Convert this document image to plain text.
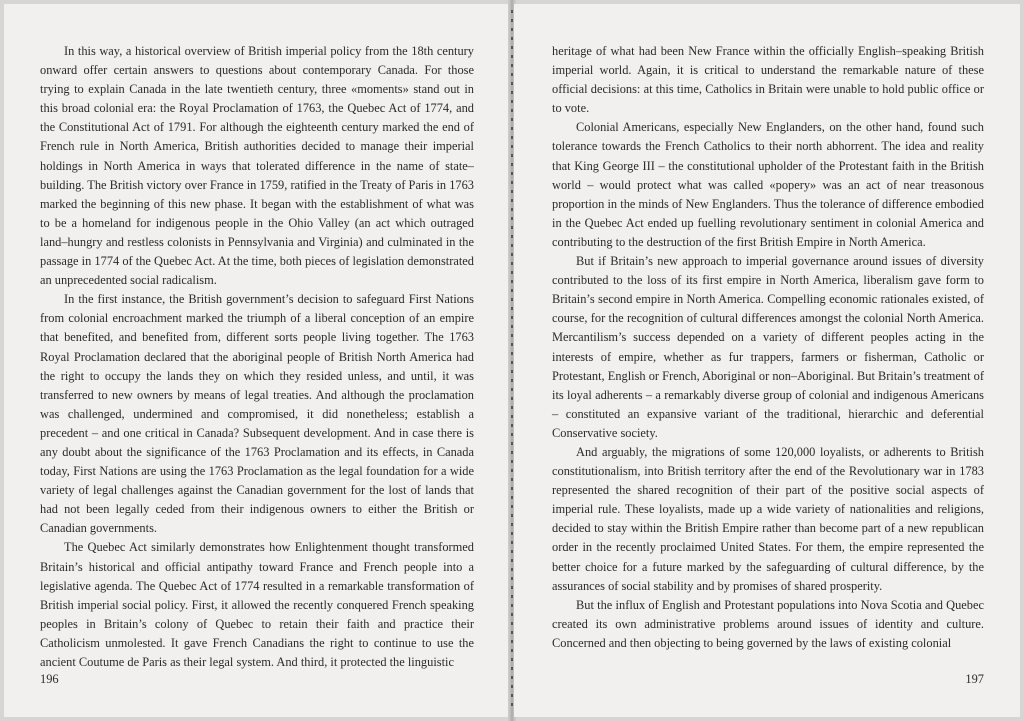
In this way, a historical overview of British imperial policy from the 18th century onward offer certain answers to questions about contemporary Canada. For those trying to explain Canada in the late twentieth century, three «moments» stand out in this broad colonial era: the Royal Proclamation of 1763, the Quebec Act of 1774, and the Constitutional Act of 1791. For although the eighteenth century marked the end of French rule in North America, British authorities decided to manage their imperial holdings in North America in ways that tolerated difference in the name of state–building. The British victory over France in 1759, ratified in the Treaty of Paris in 1763 marked the beginning of this new phase. It began with the establishment of what was to be a homeland for indigenous people in the Ohio Valley (an act which outraged land–hungry and restless colonists in Pennsylvania and Virginia) and culminated in the passage in 1774 of the Quebec Act. At the time, both pieces of legislation demonstrated an unprecedented social radicalism.

In the first instance, the British government’s decision to safeguard First Nations from colonial encroachment marked the triumph of a liberal conception of an empire that benefited, and benefited from, different sorts people living together. The 1763 Royal Proclamation declared that the aboriginal people of British North America had the right to occupy the lands they on which they resided unless, and until, it was transferred to new owners by means of legal treaties. And although the proclamation was challenged, undermined and compromised, it did nonetheless; establish a precedent – and one critical in Canada? Subsequent development. And in case there is any doubt about the significance of the 1763 Proclamation and its effects, in Canada today, First Nations are using the 1763 Proclamation as the legal foundation for a wide variety of legal challenges against the Canadian government for the lost of lands that had not been legally ceded from their indigenous owners to either the British or Canadian governments.

The Quebec Act similarly demonstrates how Enlightenment thought transformed Britain’s historical and official antipathy toward France and French people into a legislative agenda. The Quebec Act of 1774 resulted in a remarkable transformation of British imperial social policy. First, it allowed the recently conquered French speaking peoples in Britain’s colony of Quebec to retain their faith and practice their Catholicism unmolested. It gave French Canadians the right to continue to use the ancient Coutume de Paris as their legal system. And third, it protected the linguistic

196

heritage of what had been New France within the officially English–speaking British imperial world. Again, it is critical to understand the remarkable nature of these official decisions: at this time, Catholics in Britain were unable to hold public office or to vote.

Colonial Americans, especially New Englanders, on the other hand, found such tolerance towards the French Catholics to their north abhorrent. The idea and reality that King George III – the constitutional upholder of the Protestant faith in the British world – would protect what was called «popery» was an act of near treasonous proportion in the minds of New Englanders. Thus the tolerance of difference embodied in the Quebec Act ended up fuelling revolutionary sentiment in colonial America and contributing to the destruction of the first British Empire in North America.

But if Britain’s new approach to imperial governance around issues of diversity contributed to the loss of its first empire in North America, liberalism gave form to Britain’s second empire in North America. Compelling economic rationales existed, of course, for the recognition of cultural differences amongst the colonial North America. Mercantilism’s success depended on a variety of different peoples acting in the interests of empire, whether as fur trappers, farmers or fisherman, Catholic or Protestant, English or French, Aboriginal or non–Aboriginal. But Britain’s treatment of its loyal adherents – a remarkably diverse group of colonial and indigenous Americans – constituted an expansive variant of the traditional, hierarchic and deferential Conservative society.

And arguably, the migrations of some 120,000 loyalists, or adherents to British constitutionalism, into British territory after the end of the Revolutionary war in 1783 represented the shared recognition of their part of the positive social aspects of imperial rule. These loyalists, made up a wide variety of nationalities and religions, decided to stay within the British Empire rather than become part of a new republican order in the recently proclaimed United States. For them, the empire represented the better choice for a future marked by the safeguarding of cultural difference, by the assurances of social stability and by promises of shared prosperity.

But the influx of English and Protestant populations into Nova Scotia and Quebec created its own administrative problems around issues of identity and culture. Concerned and then objecting to being governed by the laws of existing colonial

197
